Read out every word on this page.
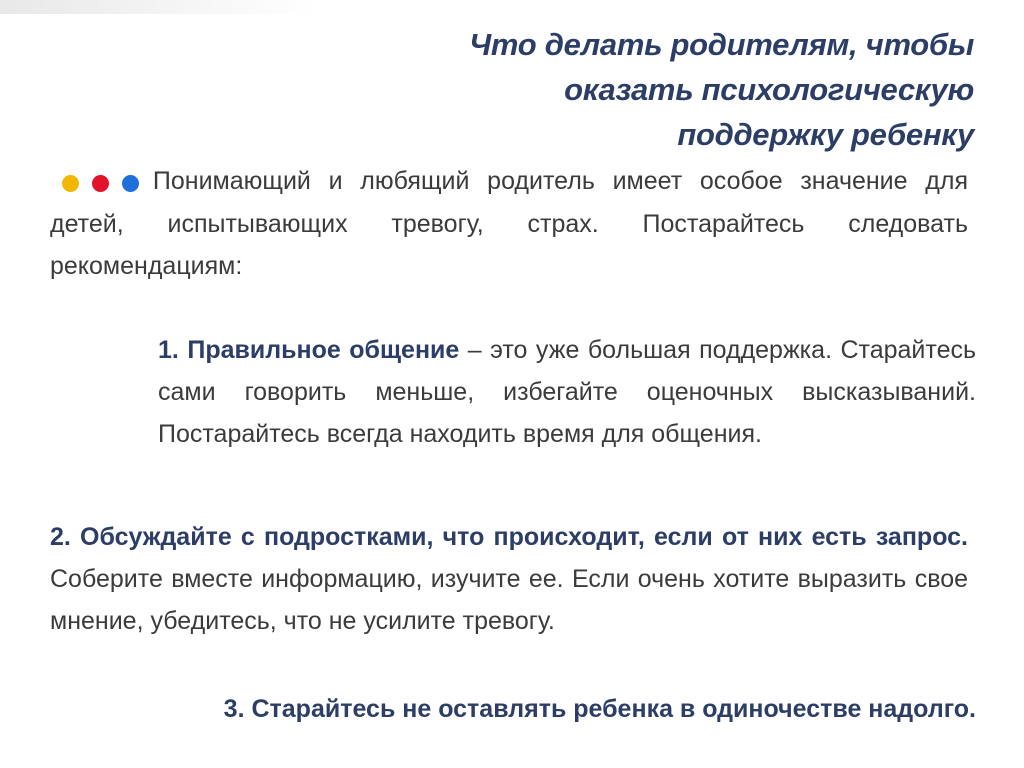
Что делать родителям, чтобы
оказать психологическую
поддержку ребенку
Понимающий и любящий родитель имеет особое значение для детей, испытывающих тревогу, страх. Постарайтесь следовать рекомендациям:
1. Правильное общение – это уже большая поддержка. Старайтесь сами говорить меньше, избегайте оценочных высказываний. Постарайтесь всегда находить время для общения.
2. Обсуждайте с подростками, что происходит, если от них есть запрос. Соберите вместе информацию, изучите ее. Если очень хотите выразить свое мнение, убедитесь, что не усилите тревогу.
3. Старайтесь не оставлять ребенка в одиночестве надолго.
